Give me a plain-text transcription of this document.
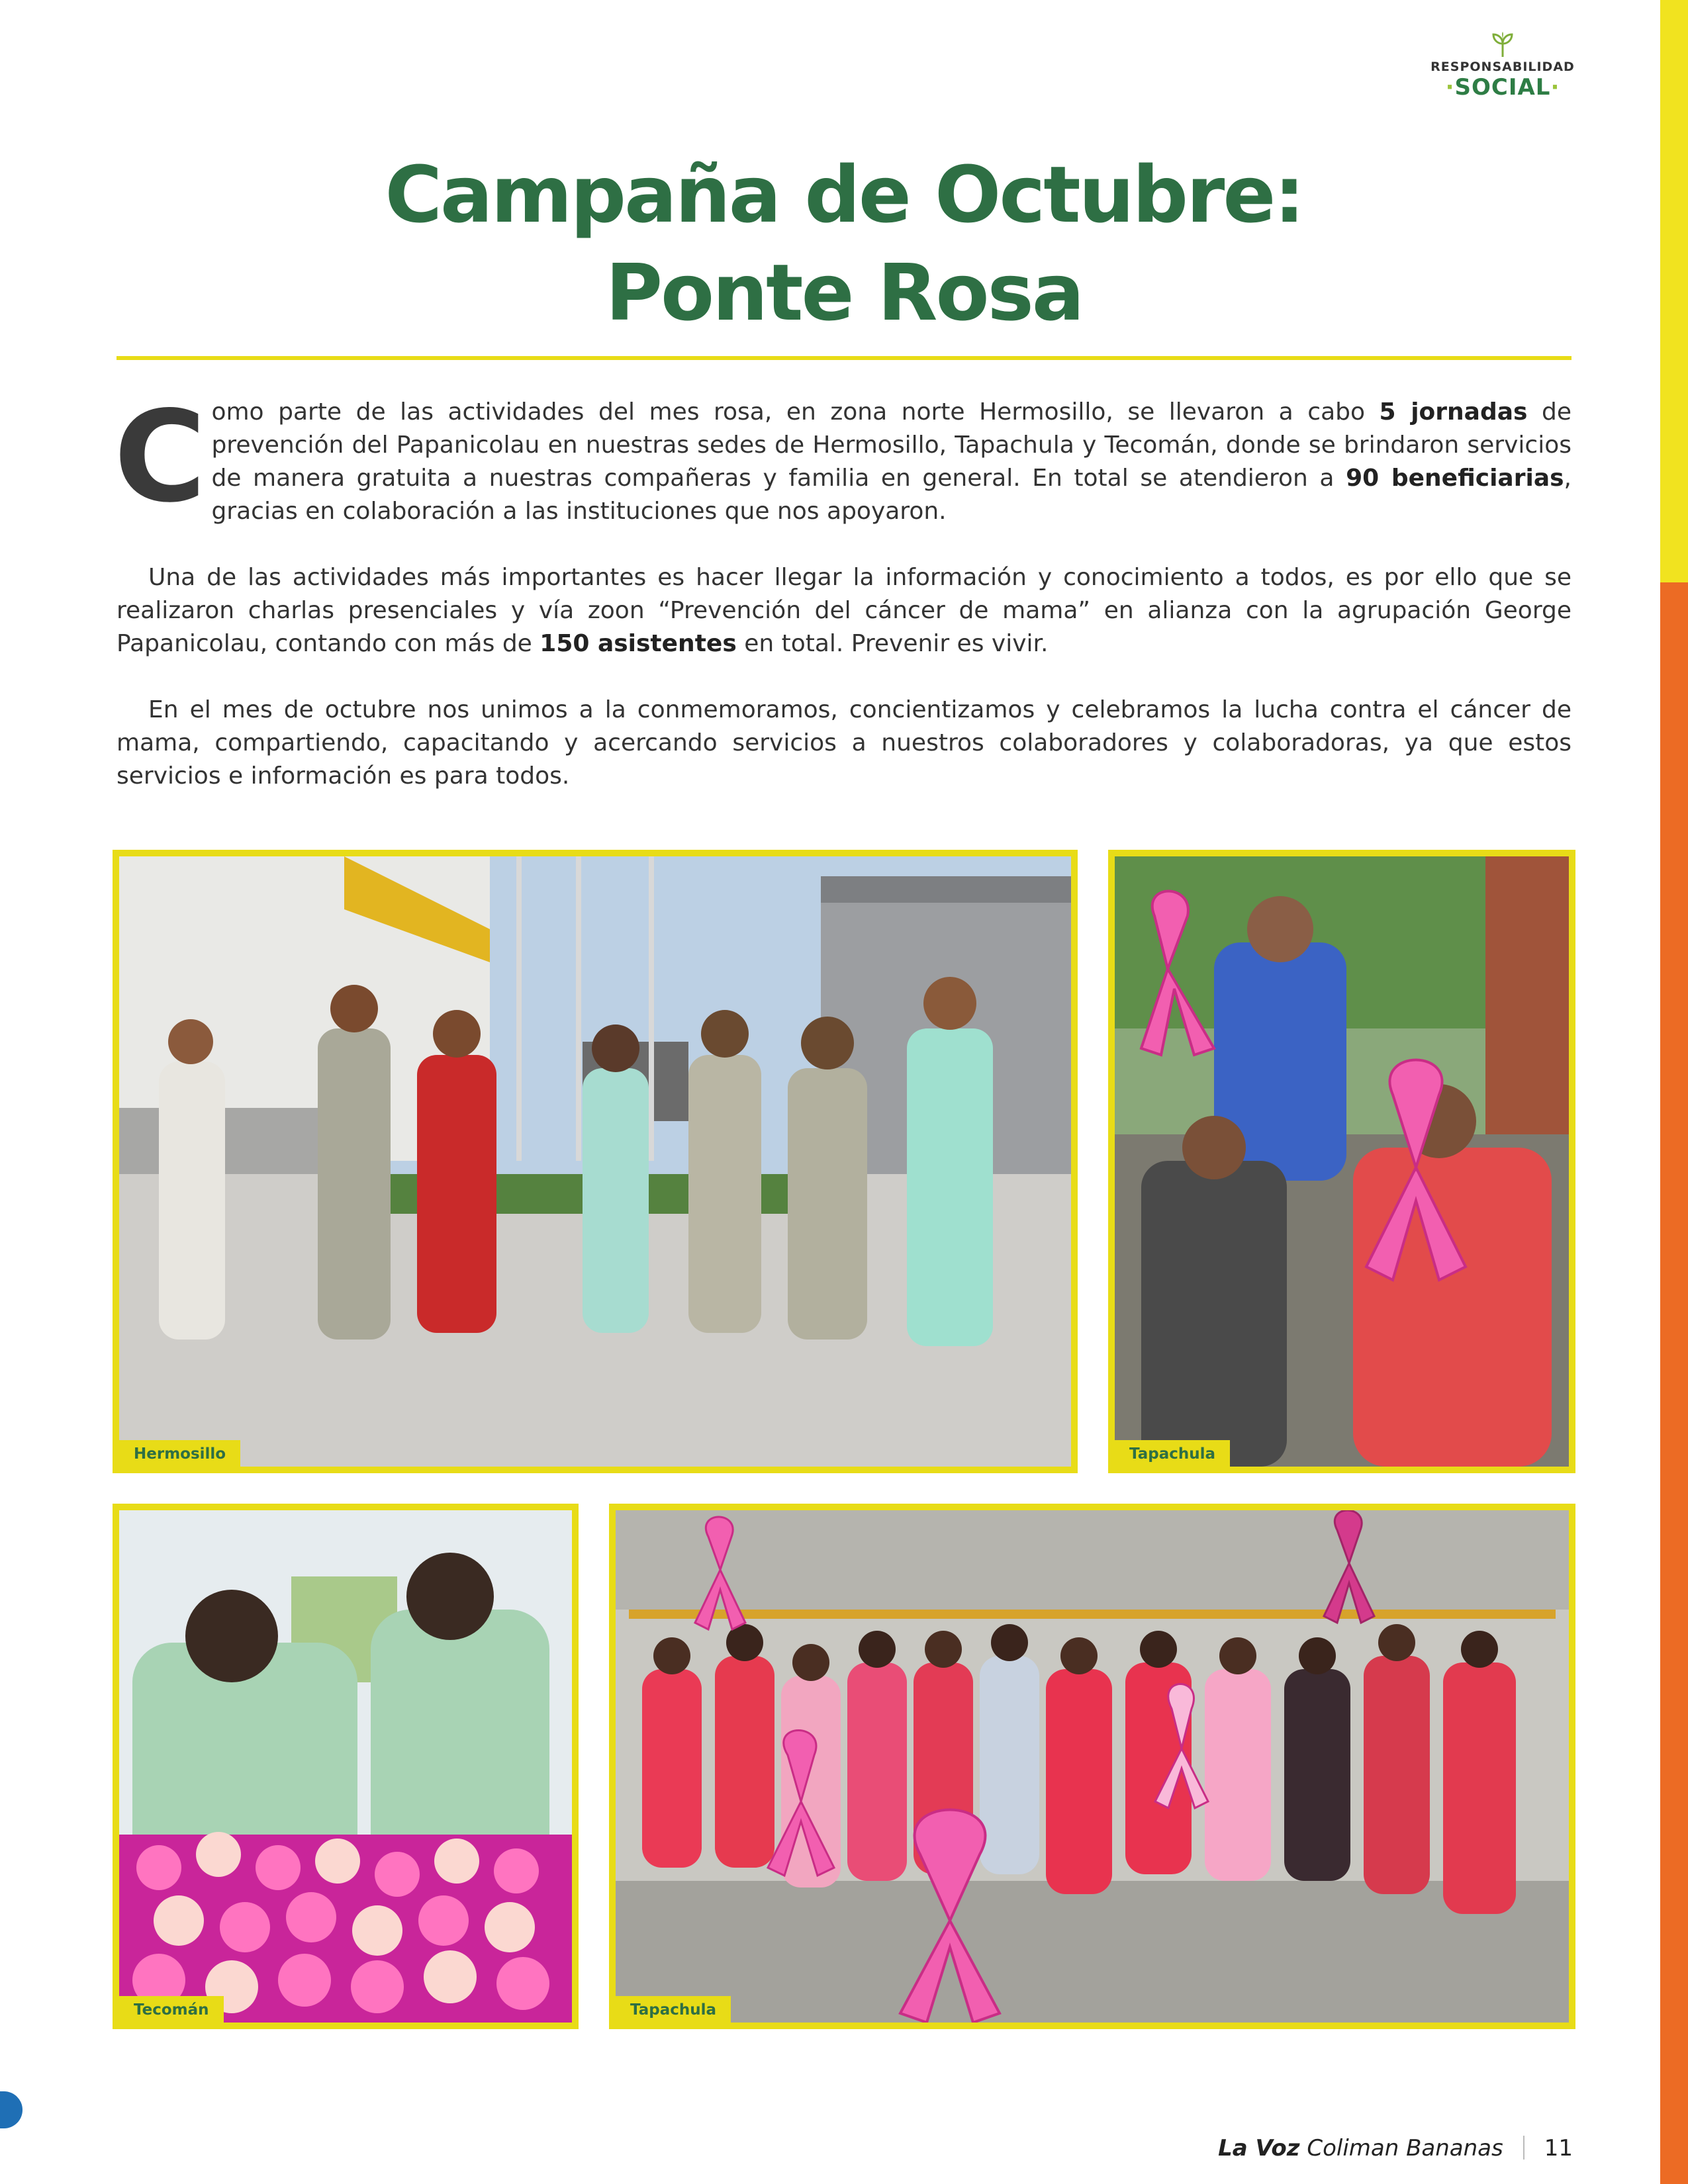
RESPONSABILIDAD
·SOCIAL·
Campaña de Octubre:
Ponte Rosa

Como parte de las actividades del mes rosa, en zona norte Hermosillo, se llevaron a cabo 5 jornadas de prevención del Papanicolau en nuestras sedes de Hermosillo, Tapachula y Tecomán, donde se brindaron servicios de manera gratuita a nuestras compañeras y familia en general. En total se atendieron a 90 beneficiarias, gracias en colaboración a las instituciones que nos apoyaron.

Una de las actividades más importantes es hacer llegar la información y conocimiento a todos, es por ello que se realizaron charlas presenciales y vía zoon “Prevención del cáncer de mama” en alianza con la agrupación George Papanicolau, contando con más de 150 asistentes en total. Prevenir es vivir.

En el mes de octubre nos unimos a la conmemoramos, concientizamos y celebramos la lucha contra el cáncer de mama, compartiendo, capacitando y acercando servicios a nuestros colaboradores y colaboradoras, ya que estos servicios e información es para todos.

Hermosillo	Tapachula
Tecomán	Tapachula
La Voz Coliman Bananas 11
